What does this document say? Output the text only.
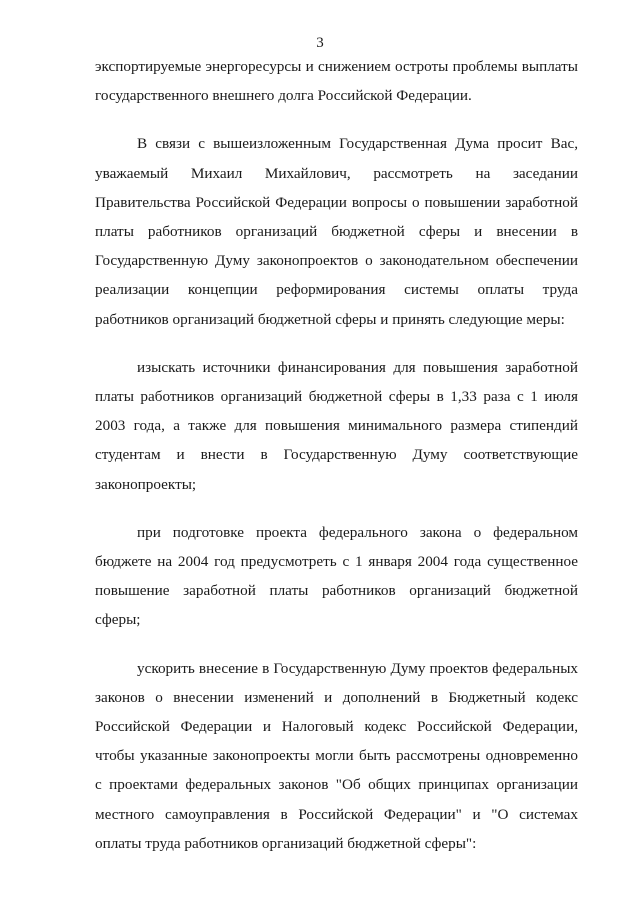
3

экспортируемые энергоресурсы и снижением остроты проблемы выплаты государственного внешнего долга Российской Федерации.

В связи с вышеизложенным Государственная Дума просит Вас, уважаемый Михаил Михайлович, рассмотреть на заседании Правительства Российской Федерации вопросы о повышении заработной платы работников организаций бюджетной сферы и внесении в Государственную Думу законопроектов о законодательном обеспечении реализации концепции реформирования системы оплаты труда работников организаций бюджетной сферы и принять следующие меры:

изыскать источники финансирования для повышения заработной платы работников организаций бюджетной сферы в 1,33 раза с 1 июля 2003 года, а также для повышения минимального размера стипендий студентам и внести в Государственную Думу соответствующие законопроекты;

при подготовке проекта федерального закона о федеральном бюджете на 2004 год предусмотреть с 1 января 2004 года существенное повышение заработной платы работников организаций бюджетной сферы;

ускорить внесение в Государственную Думу проектов федеральных законов о внесении изменений и дополнений в Бюджетный кодекс Российской Федерации и Налоговый кодекс Российской Федерации, чтобы указанные законопроекты могли быть рассмотрены одновременно с проектами федеральных законов "Об общих принципах организации местного самоуправления в Российской Федерации" и "О системах оплаты труда работников организаций бюджетной сферы":
